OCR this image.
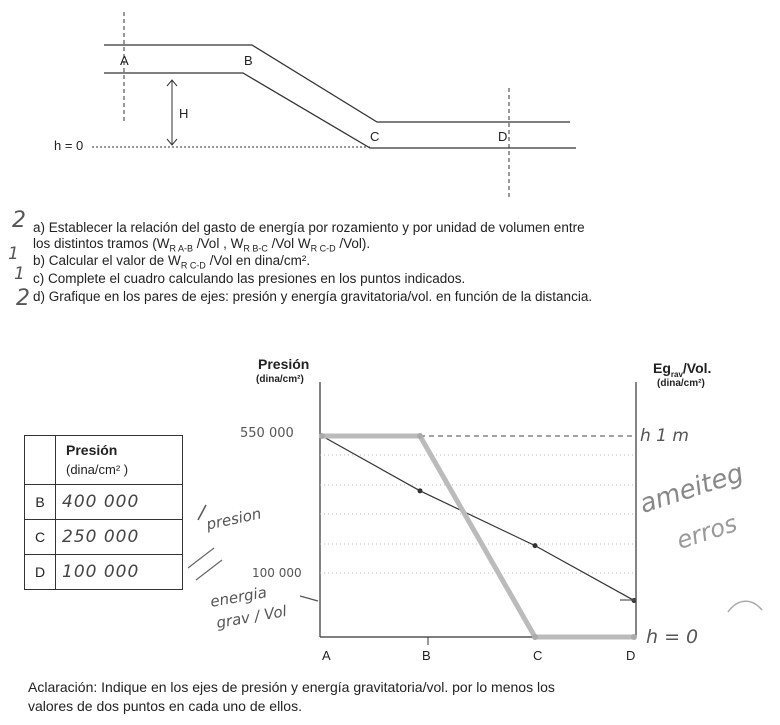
A	B
C	D
H
h = 0
2
1
1
2
a) Establecer la relación del gasto de energía por rozamiento y por unidad de volumen entre
los distintos tramos ($W_{R A-B}$ /Vol , $W_{R B-C}$ /Vol $W_{R C-D}$ /Vol).
b) Calcular el valor de $W_{R C-D}$ /Vol en dina/cm².
c) Complete el cuadro calculando las presiones en los puntos indicados.
d) Grafique en los pares de ejes: presión y energía gravitatoria/vol. en función de la distancia.

	Presión
(dina/cm² )

B	400 000
C	250 000
D	100 000
Presión
(dina/cm²)
$Eg_{rav}$/Vol.
(dina/cm²)
A	B	C	D
550 000
100 000
h 1 m
h = 0
presion
energia
grav / Vol
ameiteg
erros
Aclaración: Indique en los ejes de presión y energía gravitatoria/vol. por lo menos los
valores de dos puntos en cada uno de ellos.
